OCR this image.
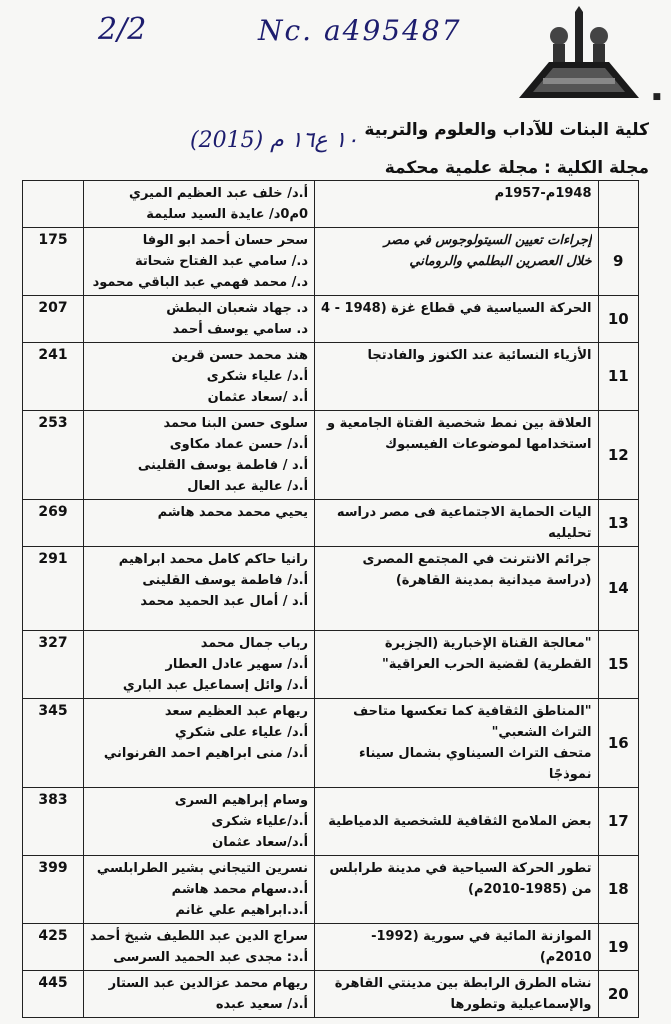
2/2	Nc. a495487
(2015) ١٠ ع١٦ م
■
كلية البنات للآداب والعلوم والتربية
مجلة الكلية : مجلة علمية محكمة

	1948م-1957م	أ.د/ خلف عبد العظيم الميري
0م0د/ عايدة السيد سليمة	

9	إجراءات تعيين السيتولوجوس في مصر
خلال العصرين البطلمي والروماني	سحر حسان أحمد ابو الوفا
د./ سامي عبد الفتاح شحاتة
د./ محمد فهمي عبد الباقي محمود	175
10	الحركة السياسية في قطاع غزة (1948 - 4	د. جهاد شعبان البطش
د. سامي يوسف أحمد	207
11	الأزياء النسائية عند الكنوز والفادتجا	هند محمد حسن قرين
أ.د/ علياء شكرى
أ.د /سعاد عثمان	241
12	العلاقة بين نمط شخصية الفتاة الجامعية و
استخدامها لموضوعات الفيسبوك	سلوى حسن البنا محمد
أ.د/ حسن عماد مكاوى
أ.د / فاطمة يوسف القلينى
أ.د/ عالية عبد العال	253
13	اليات الحماية الاجتماعية فى مصر دراسه
تحليليه	يحيي محمد محمد هاشم	269
14	جرائم الانترنت في المجتمع المصرى
(دراسة ميدانية بمدينة القاهرة)	رانيا حاكم كامل محمد ابراهيم
أ.د/ فاطمة يوسف القلينى
أ.د / أمال عبد الحميد محمد	291
15	"معالجة القناة الإخبارية (الجزيرة
القطرية) لقضية الحرب العراقية"	رباب جمال محمد
أ.د/ سهير عادل العطار
أ.د/ وائل إسماعيل عبد الباري	327
16	"المناطق الثقافية كما تعكسها متاحف
التراث الشعبي"
متحف التراث السيناوي بشمال سيناء
نموذجًا	ريهام عبد العظيم سعد
أ.د/ علياء على شكري
أ.د/ منى ابراهيم احمد الفرنواني	345
17	بعض الملامح الثقافية للشخصية الدمياطية	وسام إبراهيم السرى
أ.د/علياء شكرى
أ.د/سعاد عثمان	383
18	تطور الحركة السياحية في مدينة طرابلس
من (1985-2010م)	نسرين التيجاني بشير الطرابلسي
أ.د.سهام محمد هاشم
أ.د.ابراهيم علي غانم	399
19	الموازنة المائية في سورية (1992-
2010م)	سراج الدين عبد اللطيف شيخ أحمد
أ.د: مجدى عبد الحميد السرسى	425
20	نشاه الطرق الرابطة بين مدينتي القاهرة
والإسماعيلية وتطورها	ريهام محمد عزالدين عبد الستار
أ.د/ سعيد عبده	445
